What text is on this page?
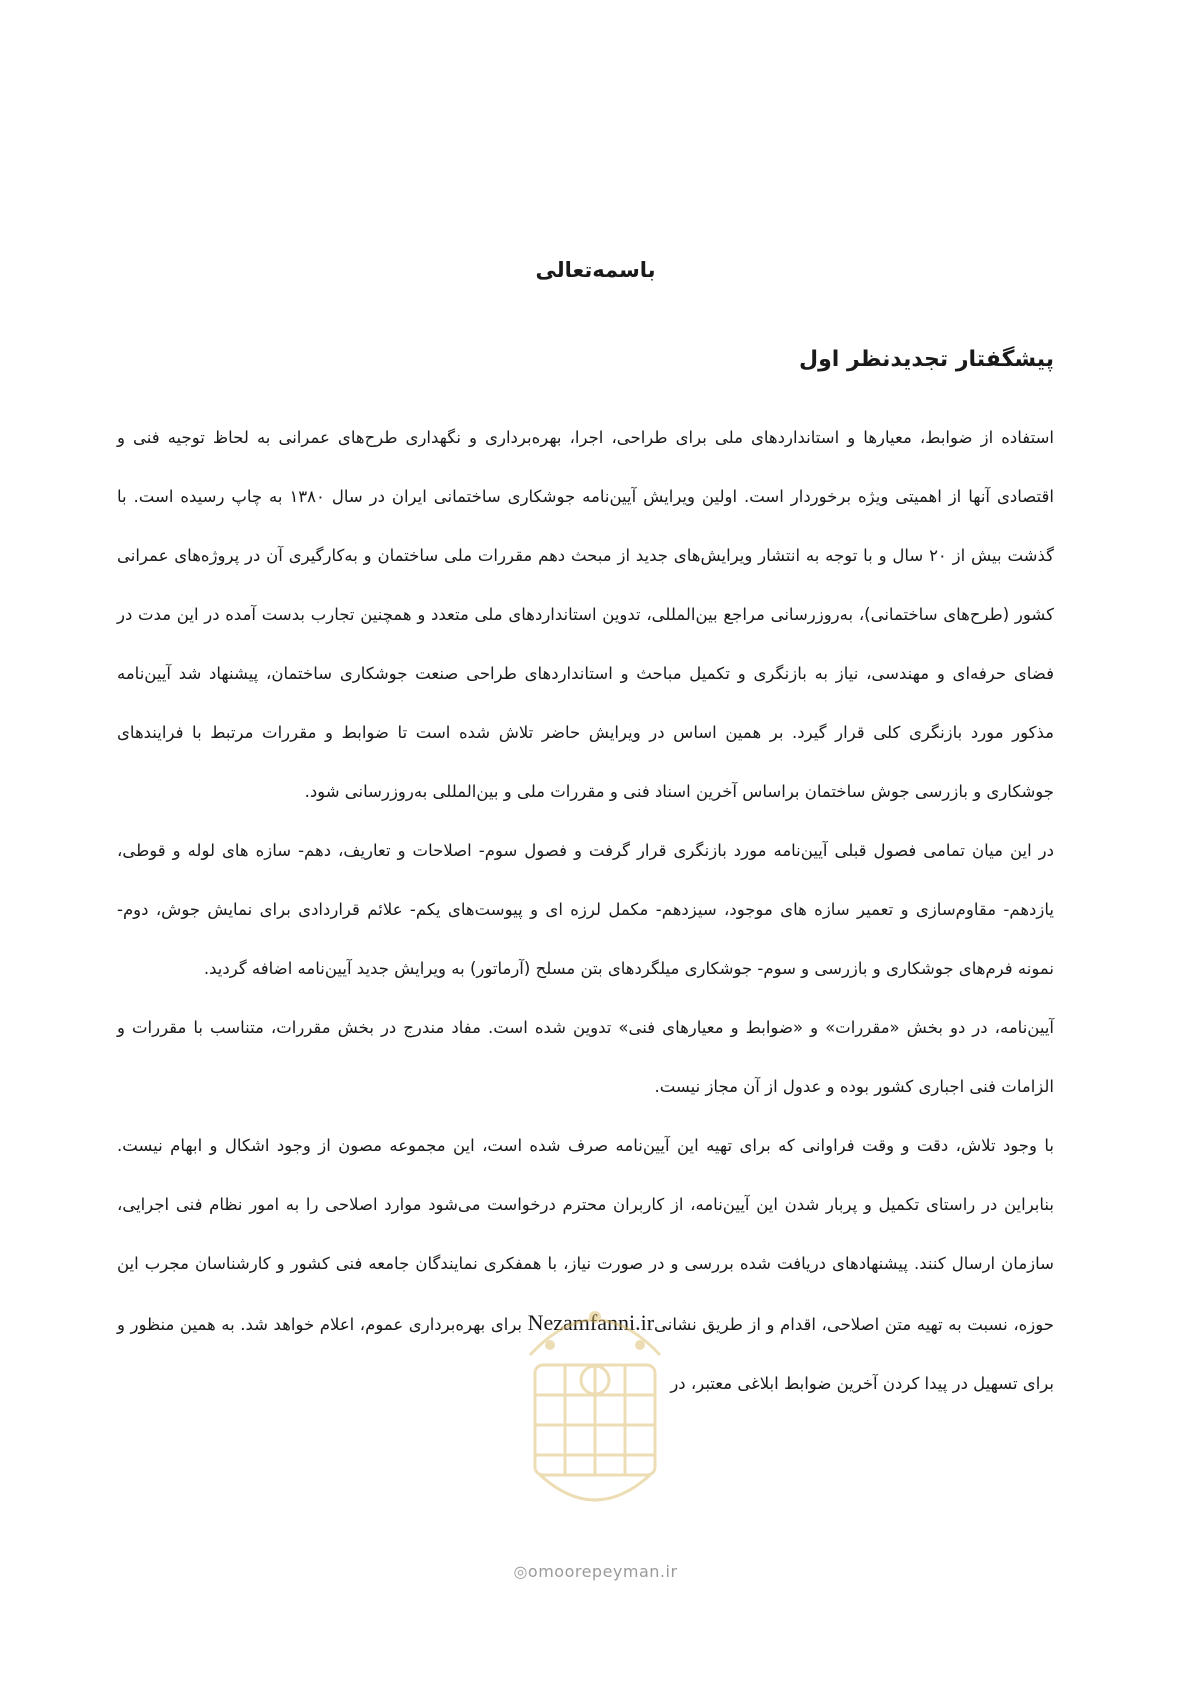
باسمه‌تعالی
پیشگفتار تجدیدنظر اول

استفاده از ضوابط، معیارها و استانداردهای ملی برای طراحی، اجرا، بهره‌برداری و نگهداری طرح‌های عمرانی به لحاظ توجیه فنی و اقتصادی آنها از اهمیتی ویژه برخوردار است. اولین ویرایش آیین‌نامه جوشکاری ساختمانی ایران در سال ۱۳۸۰ به چاپ رسیده است. با گذشت بیش از ۲۰ سال و با توجه به انتشار ویرایش‌های جدید از مبحث دهم مقررات ملی ساختمان و به‌کارگیری آن در پروژه‌های عمرانی کشور (طرح‌های ساختمانی)، به‌روزرسانی مراجع بین‌المللی، تدوین استانداردهای ملی متعدد و همچنین تجارب بدست آمده در این مدت در فضای حرفه‌ای و مهندسی، نیاز به بازنگری و تکمیل مباحث و استانداردهای طراحی صنعت جوشکاری ساختمان، پیشنهاد شد آیین‌نامه مذکور مورد بازنگری کلی قرار گیرد. بر همین اساس در ویرایش حاضر تلاش شده است تا ضوابط و مقررات مرتبط با فرایندهای جوشکاری و بازرسی جوش ساختمان براساس آخرین اسناد فنی و مقررات ملی و بین‌المللی به‌روزرسانی شود.

در این میان تمامی فصول قبلی آیین‌نامه مورد بازنگری قرار گرفت و فصول سوم- اصلاحات و تعاریف، دهم- سازه های لوله و قوطی، یازدهم- مقاوم‌سازی و تعمیر سازه های موجود، سیزدهم- مکمل لرزه ای و پیوست‌های یکم- علائم قراردادی برای نمایش جوش، دوم- نمونه فرم‌های جوشکاری و بازرسی و سوم- جوشکاری میلگردهای بتن مسلح (آرماتور) به ویرایش جدید آیین‌نامه اضافه گردید.

آیین‌نامه، در دو بخش «مقررات» و «ضوابط و معیارهای فنی» تدوین شده است. مفاد مندرج در بخش مقررات، متناسب با مقررات و الزامات فنی اجباری کشور بوده و عدول از آن مجاز نیست.

با وجود تلاش، دقت و وقت فراوانی که برای تهیه این آیین‌نامه صرف شده است، این مجموعه مصون از وجود اشکال و ابهام نیست. بنابراین در راستای تکمیل و پربار شدن این آیین‌نامه، از کاربران محترم درخواست می‌شود موارد اصلاحی را به امور نظام فنی اجرایی، سازمان ارسال کنند. پیشنهادهای دریافت شده بررسی و در صورت نیاز، با همفکری نمایندگان جامعه فنی کشور و کارشناسان مجرب این حوزه، نسبت به تهیه متن اصلاحی، اقدام و از طریق نشانیNezamfanni.ir برای بهره‌برداری عموم، اعلام خواهد شد. به همین منظور و برای تسهیل در پیدا کردن آخرین ضوابط ابلاغی معتبر، در

◎omoorepeyman.ir
